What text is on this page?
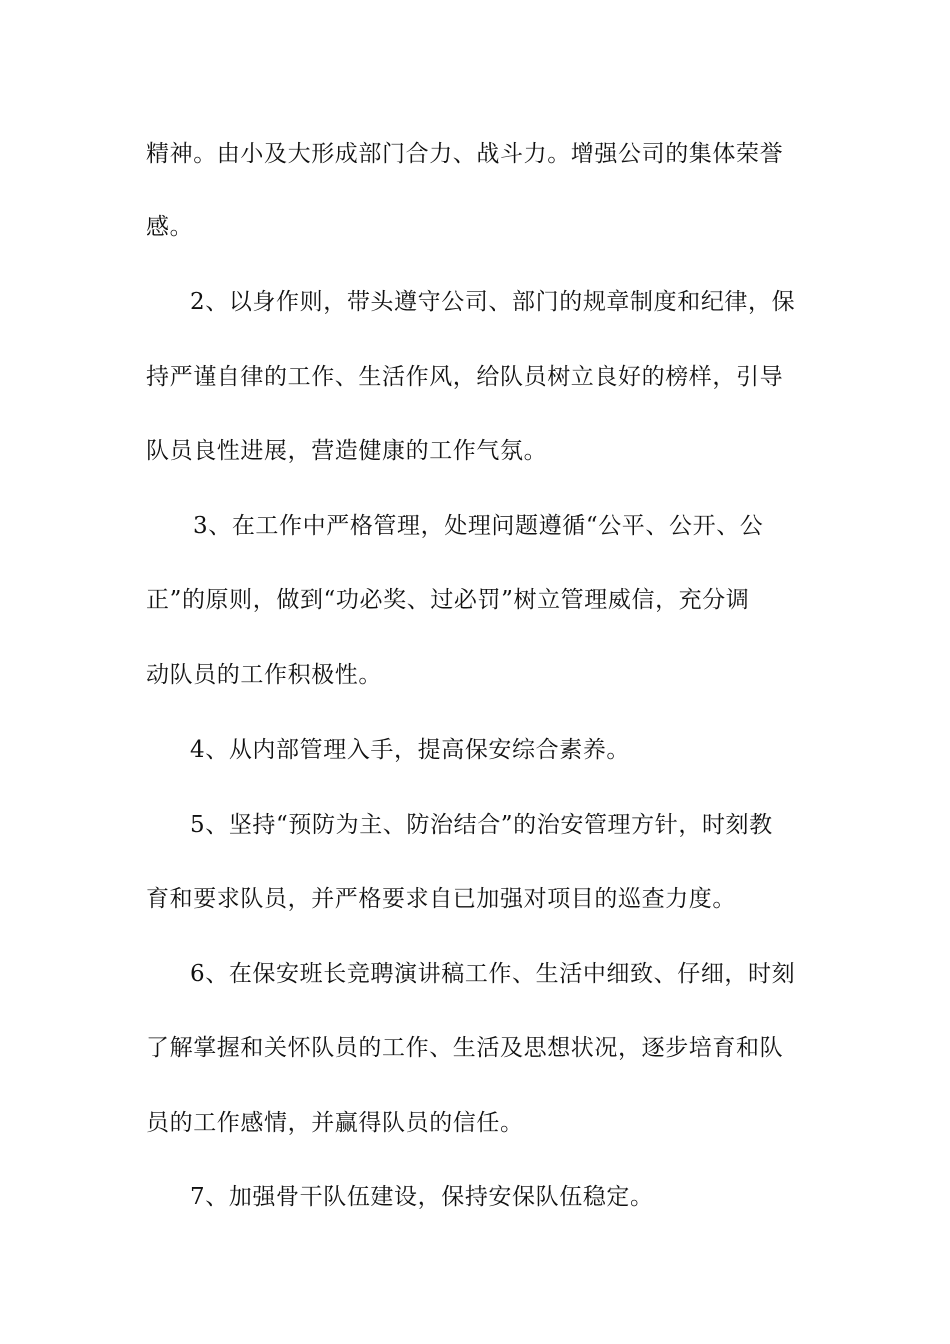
精神。由小及大形成部门合力、战斗力。增强公司的集体荣誉
感。
2、以身作则，带头遵守公司、部门的规章制度和纪律，保
持严谨自律的工作、生活作风，给队员树立良好的榜样，引导
队员良性进展，营造健康的工作气氛。
3、在工作中严格管理，处理问题遵循“公平、公开、公
正”的原则，做到“功必奖、过必罚”树立管理威信，充分调
动队员的工作积极性。
4、从内部管理入手，提高保安综合素养。
5、坚持“预防为主、防治结合”的治安管理方针，时刻教
育和要求队员，并严格要求自已加强对项目的巡查力度。
6、在保安班长竞聘演讲稿工作、生活中细致、仔细，时刻
了解掌握和关怀队员的工作、生活及思想状况，逐步培育和队
员的工作感情，并赢得队员的信任。
7、加强骨干队伍建设，保持安保队伍稳定。
